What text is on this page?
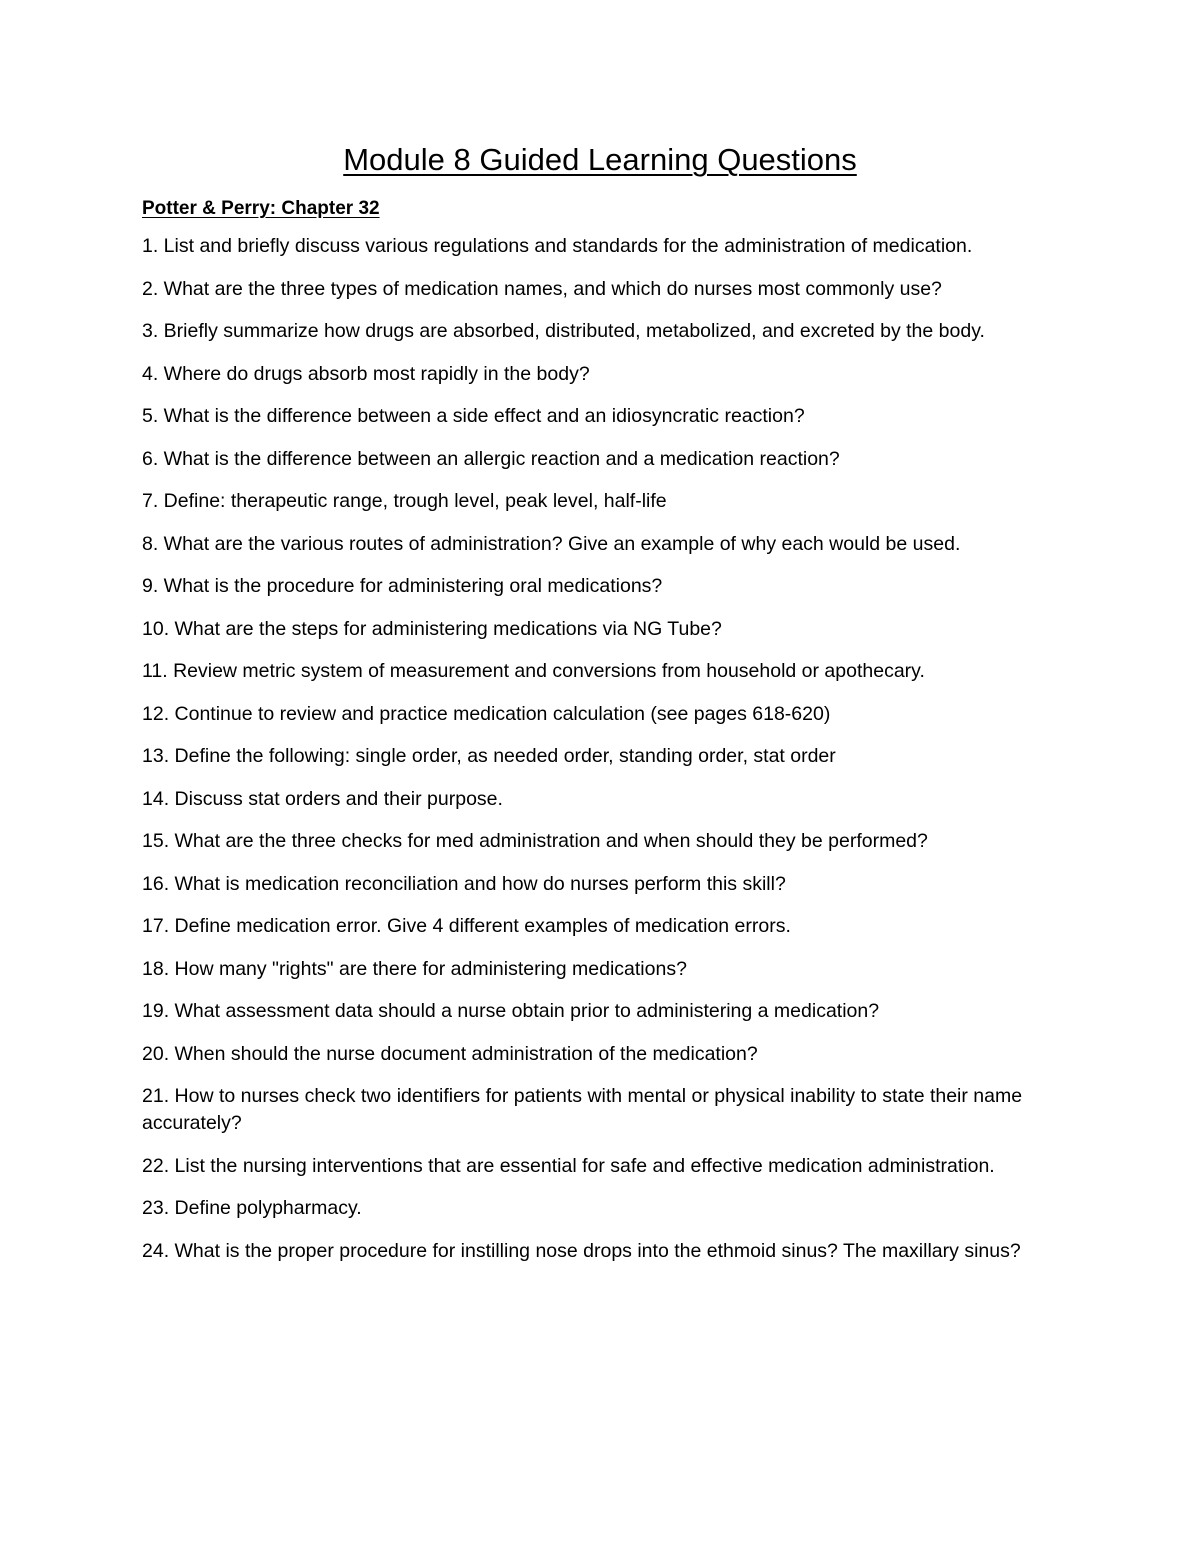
Module 8 Guided Learning Questions
Potter & Perry: Chapter 32
1. List and briefly discuss various regulations and standards for the administration of medication.
2. What are the three types of medication names, and which do nurses most commonly use?
3. Briefly summarize how drugs are absorbed, distributed, metabolized, and excreted by the body.
4. Where do drugs absorb most rapidly in the body?
5. What is the difference between a side effect and an idiosyncratic reaction?
6. What is the difference between an allergic reaction and a medication reaction?
7. Define: therapeutic range, trough level, peak level, half-life
8. What are the various routes of administration? Give an example of why each would be used.
9. What is the procedure for administering oral medications?
10. What are the steps for administering medications via NG Tube?
11. Review metric system of measurement and conversions from household or apothecary.
12. Continue to review and practice medication calculation (see pages 618-620)
13. Define the following: single order, as needed order, standing order, stat order
14. Discuss stat orders and their purpose.
15. What are the three checks for med administration and when should they be performed?
16. What is medication reconciliation and how do nurses perform this skill?
17. Define medication error. Give 4 different examples of medication errors.
18. How many "rights" are there for administering medications?
19. What assessment data should a nurse obtain prior to administering a medication?
20. When should the nurse document administration of the medication?
21. How to nurses check two identifiers for patients with mental or physical inability to state their name accurately?
22. List the nursing interventions that are essential for safe and effective medication administration.
23. Define polypharmacy.
24. What is the proper procedure for instilling nose drops into the ethmoid sinus? The maxillary sinus?
